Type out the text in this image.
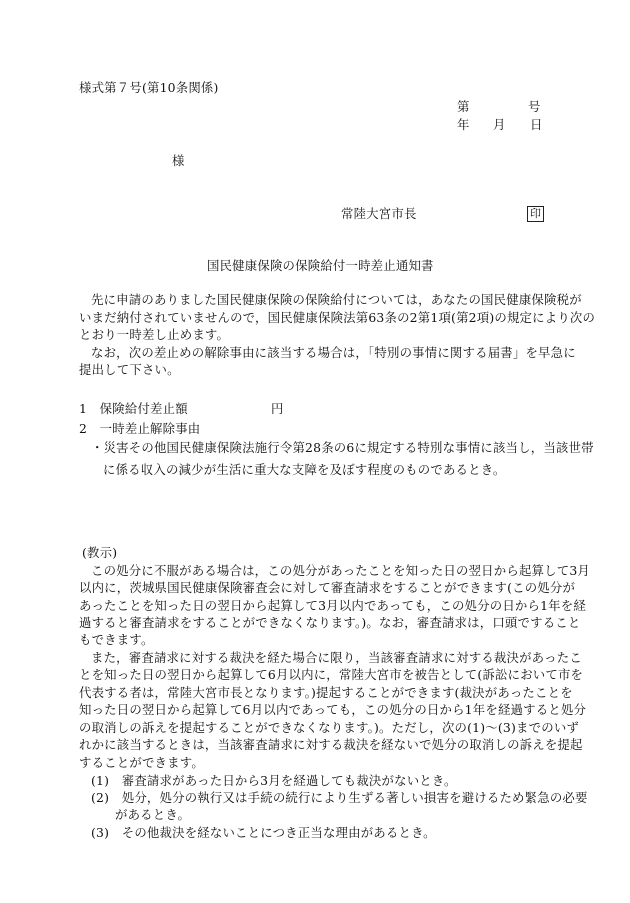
様式第７号(第10条関係)
第	号
年 月 日
様
常陸大宮市長	印
国民健康保険の保険給付一時差止通知書
先に申請のありました国民健康保険の保険給付については，あなたの国民健康保険税が
いまだ納付されていませんので，国民健康保険法第63条の2第1項(第2項)の規定により次の
とおり一時差し止めます。
なお，次の差止めの解除事由に該当する場合は，「特別の事情に関する届書」を早急に
提出して下さい。
1　保険給付差止額	円
2　一時差止解除事由
・災害その他国民健康保険法施行令第28条の6に規定する特別な事情に該当し，当該世帯
に係る収入の減少が生活に重大な支障を及ぼす程度のものであるとき。
(教示)
この処分に不服がある場合は，この処分があったことを知った日の翌日から起算して3月
以内に，茨城県国民健康保険審査会に対して審査請求をすることができます(この処分が
あったことを知った日の翌日から起算して3月以内であっても，この処分の日から1年を経
過すると審査請求をすることができなくなります。)。なお，審査請求は，口頭ですること
もできます。
また，審査請求に対する裁決を経た場合に限り，当該審査請求に対する裁決があったこ
とを知った日の翌日から起算して6月以内に，常陸大宮市を被告として(訴訟において市を
代表する者は，常陸大宮市長となります。)提起することができます(裁決があったことを
知った日の翌日から起算して6月以内であっても，この処分の日から1年を経過すると処分
の取消しの訴えを提起することができなくなります。)。ただし，次の(1)～(3)までのいず
れかに該当するときは，当該審査請求に対する裁決を経ないで処分の取消しの訴えを提起
することができます。
(1)　審査請求があった日から3月を経過しても裁決がないとき。
(2)　処分，処分の執行又は手続の続行により生ずる著しい損害を避けるため緊急の必要
があるとき。
(3)　その他裁決を経ないことにつき正当な理由があるとき。
